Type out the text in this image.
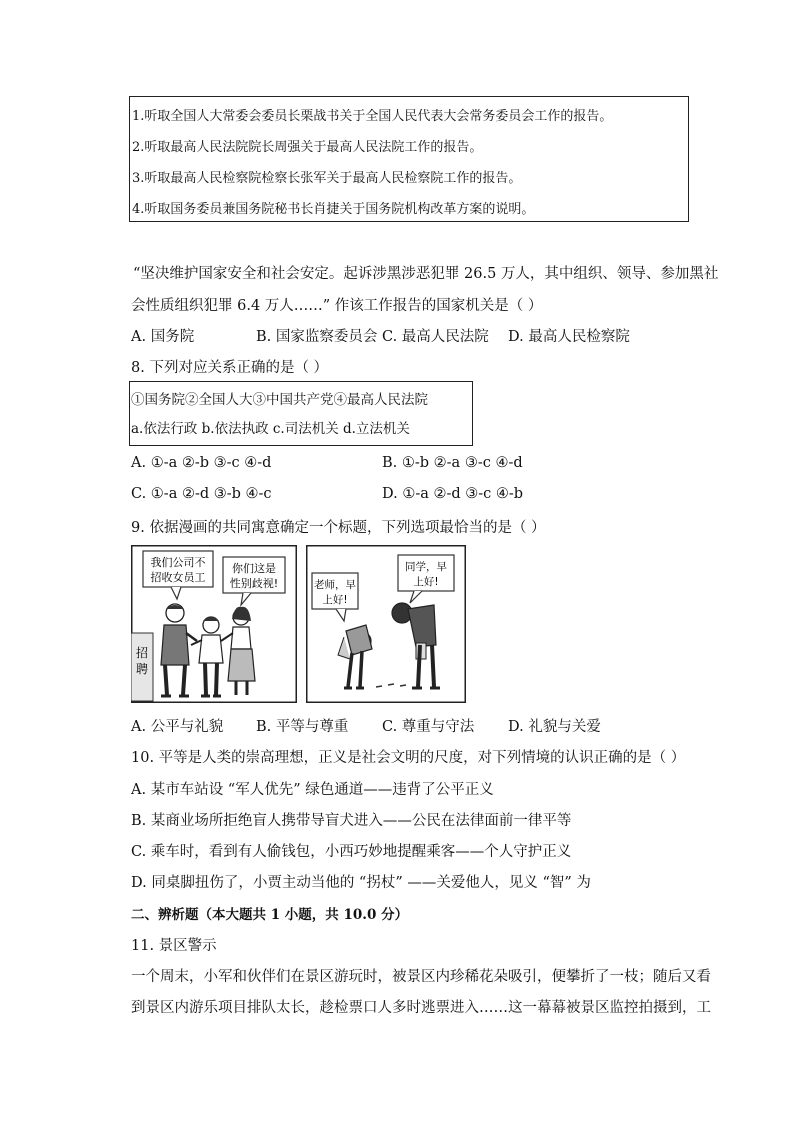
1.听取全国人大常委会委员长栗战书关于全国人民代表大会常务委员会工作的报告。
2.听取最高人民法院院长周强关于最高人民法院工作的报告。
3.听取最高人民检察院检察长张军关于最高人民检察院工作的报告。
4.听取国务委员兼国务院秘书长肖捷关于国务院机构改革方案的说明。
“坚决维护国家安全和社会安定。起诉涉黑涉恶犯罪 26.5 万人，其中组织、领导、参加黑社
会性质组织犯罪 6.4 万人……” 作该工作报告的国家机关是（ ）
A. 国务院	B. 国家监察委员会 C. 最高人民法院 D. 最高人民检察院
8. 下列对应关系正确的是（ ）
①国务院②全国人大③中国共产党④最高人民法院
a.依法行政 b.依法执政 c.司法机关 d.立法机关
A. ①-a ②-b ③-c ④-d	B. ①-b ②-a ③-c ④-d
C. ①-a ②-d ③-b ④-c	D. ①-a ②-d ③-c ④-b
9. 依据漫画的共同寓意确定一个标题，下列选项最恰当的是（ ）
招
聘
我们公司不
招收女员工
你们这是
性别歧视!	老师，早
上好!
同学，早
上好!
A. 公平与礼貌 B. 平等与尊重 C. 尊重与守法 D. 礼貌与关爱
10. 平等是人类的崇高理想，正义是社会文明的尺度，对下列情境的认识正确的是（ ）
A. 某市车站设 “军人优先” 绿色通道——违背了公平正义
B. 某商业场所拒绝盲人携带导盲犬进入——公民在法律面前一律平等
C. 乘车时，看到有人偷钱包，小西巧妙地提醒乘客——个人守护正义
D. 同桌脚扭伤了，小贾主动当他的 “拐杖” ——关爱他人，见义 “智” 为
二、辨析题（本大题共 1 小题，共 10.0 分）
11. 景区警示
一个周末，小军和伙伴们在景区游玩时，被景区内珍稀花朵吸引，便攀折了一枝；随后又看
到景区内游乐项目排队太长，趁检票口人多时逃票进入……这一幕幕被景区监控拍摄到，工
